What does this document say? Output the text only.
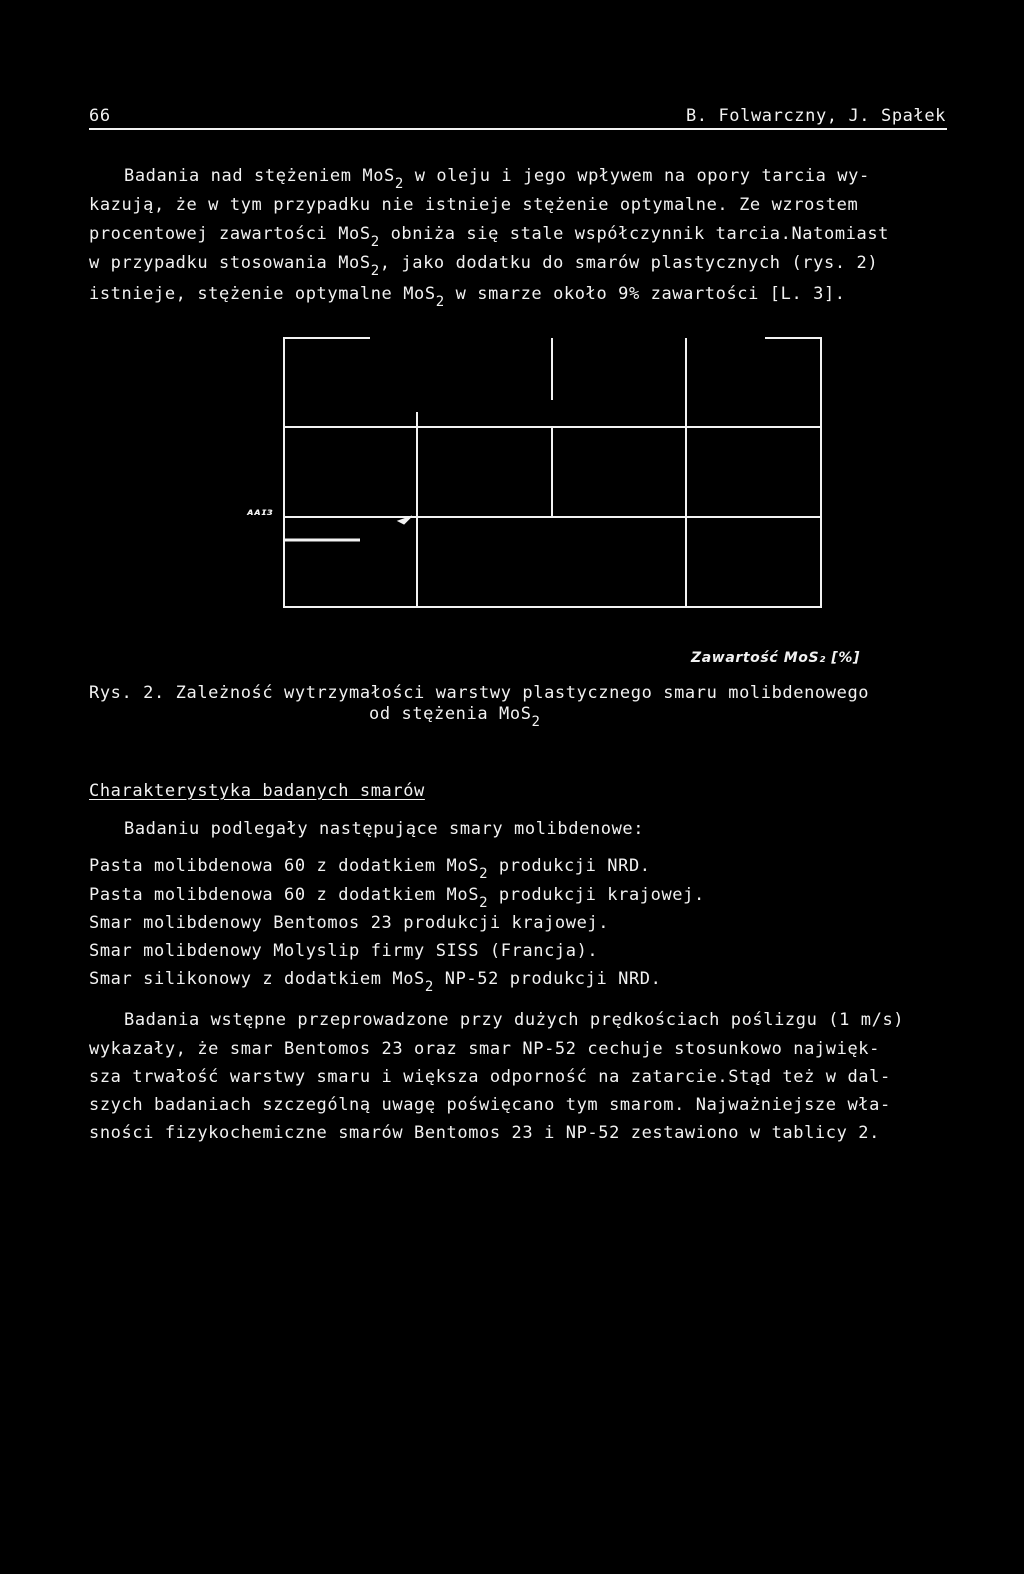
66	B. Folwarczny, J. Spałek
Badania nad stężeniem MoS$_2$ w oleju i jego wpływem na opory tarcia wy-
kazują, że w tym przypadku nie istnieje stężenie optymalne. Ze wzrostem
procentowej zawartości MoS$_2$ obniża się stale współczynnik tarcia.Natomiast
w przypadku stosowania MoS$_2$, jako dodatku do smarów plastycznych (rys. 2)
istnieje, stężenie optymalne MoS$_2$ w smarze około 9% zawartości [L. 3].
ᴀᴀɪɜ
Zawartość MoS₂ [%]
Rys. 2. Zależność wytrzymałości warstwy plastycznego smaru molibdenowego
od stężenia MoS$_2$
Charakterystyka badanych smarów
Badaniu podlegały następujące smary molibdenowe:
Pasta molibdenowa 60 z dodatkiem MoS$_2$ produkcji NRD.
Pasta molibdenowa 60 z dodatkiem MoS$_2$ produkcji krajowej.
Smar molibdenowy Bentomos 23 produkcji krajowej.
Smar molibdenowy Molyslip firmy SISS (Francja).
Smar silikonowy z dodatkiem MoS$_2$ NP-52 produkcji NRD.
Badania wstępne przeprowadzone przy dużych prędkościach poślizgu (1 m/s)
wykazały, że smar Bentomos 23 oraz smar NP-52 cechuje stosunkowo najwięk-
sza trwałość warstwy smaru i większa odporność na zatarcie.Stąd też w dal-
szych badaniach szczególną uwagę poświęcano tym smarom. Najważniejsze wła-
sności fizykochemiczne smarów Bentomos 23 i NP-52 zestawiono w tablicy 2.
